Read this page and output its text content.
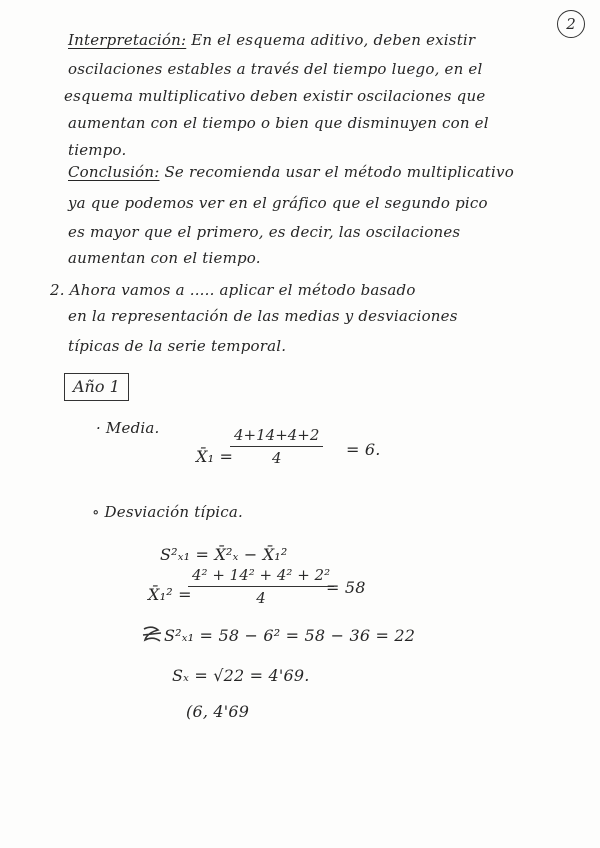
2
Interpretación: En el esquema aditivo, deben existir
oscilaciones estables a través del tiempo luego, en el
esquema multiplicativo deben existir oscilaciones que
aumentan con el tiempo o bien que disminuyen con el
tiempo.
Conclusión: Se recomienda usar el método multiplicativo
ya que podemos ver en el gráfico que el segundo pico
es mayor que el primero, es decir, las oscilaciones
aumentan con el tiempo.
2. Ahora vamos a ..... aplicar el método basado
en la representación de las medias y desviaciones
típicas de la serie temporal.
Año 1
· Media.
X̄₁ =
4+14+4+2
4	= 6.
∘ Desviación típica.
S²ₓ₁ = X̄²ₓ − X̄₁²
X̄₁² =
4² + 14² + 4² + 2²
4
= 58
S²ₓ₁ = 58 − 6² = 58 − 36 = 22
Sₓ = √22 = 4'69.
(6, 4'69
